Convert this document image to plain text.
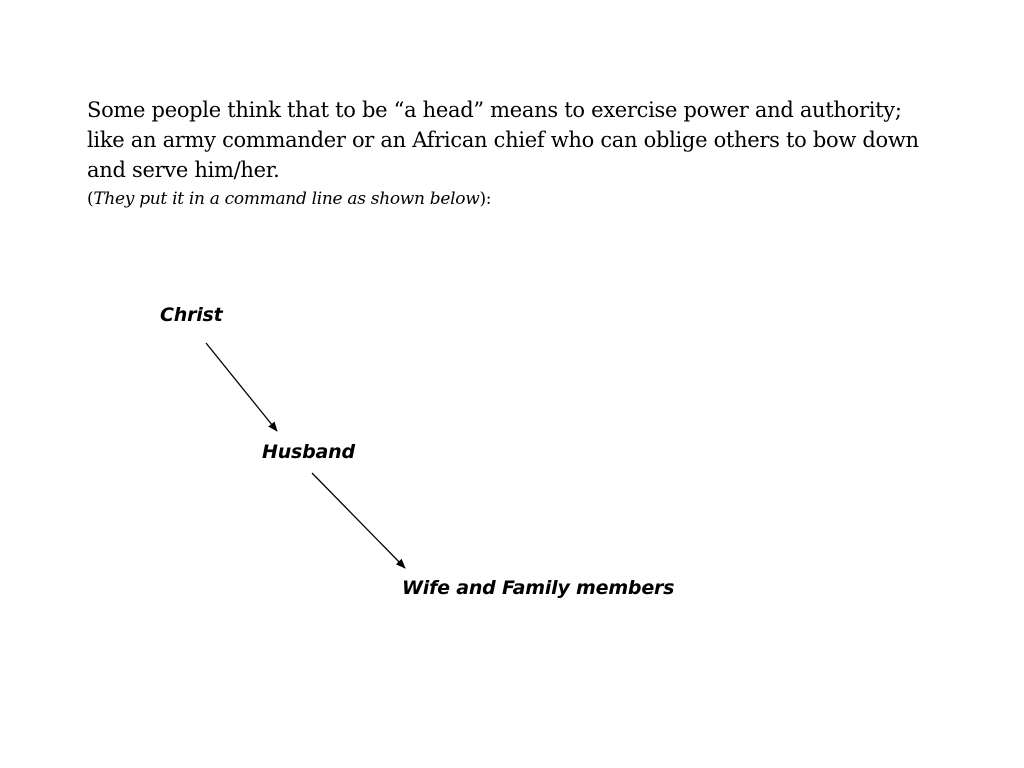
Some people think that to be “a head” means to exercise power and authority; like an army commander or an African chief who can oblige others to bow down and serve him/her.

(They put it in a command line as shown below):

Christ
Husband
Wife and Family members
